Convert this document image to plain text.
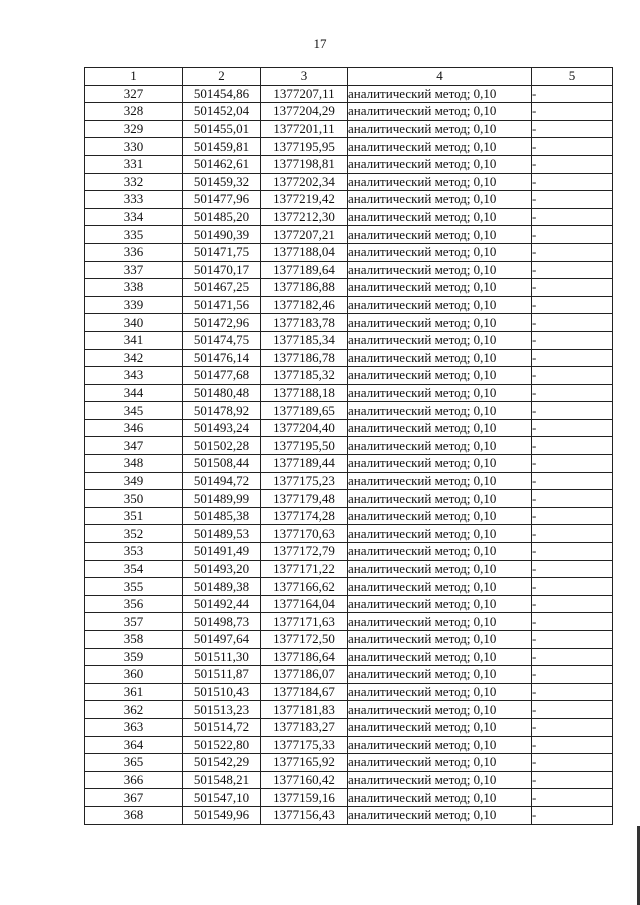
17
1	2	3	4	5
327	501454,86	1377207,11	аналитический метод; 0,10	-
328	501452,04	1377204,29	аналитический метод; 0,10	-
329	501455,01	1377201,11	аналитический метод; 0,10	-
330	501459,81	1377195,95	аналитический метод; 0,10	-
331	501462,61	1377198,81	аналитический метод; 0,10	-
332	501459,32	1377202,34	аналитический метод; 0,10	-
333	501477,96	1377219,42	аналитический метод; 0,10	-
334	501485,20	1377212,30	аналитический метод; 0,10	-
335	501490,39	1377207,21	аналитический метод; 0,10	-
336	501471,75	1377188,04	аналитический метод; 0,10	-
337	501470,17	1377189,64	аналитический метод; 0,10	-
338	501467,25	1377186,88	аналитический метод; 0,10	-
339	501471,56	1377182,46	аналитический метод; 0,10	-
340	501472,96	1377183,78	аналитический метод; 0,10	-
341	501474,75	1377185,34	аналитический метод; 0,10	-
342	501476,14	1377186,78	аналитический метод; 0,10	-
343	501477,68	1377185,32	аналитический метод; 0,10	-
344	501480,48	1377188,18	аналитический метод; 0,10	-
345	501478,92	1377189,65	аналитический метод; 0,10	-
346	501493,24	1377204,40	аналитический метод; 0,10	-
347	501502,28	1377195,50	аналитический метод; 0,10	-
348	501508,44	1377189,44	аналитический метод; 0,10	-
349	501494,72	1377175,23	аналитический метод; 0,10	-
350	501489,99	1377179,48	аналитический метод; 0,10	-
351	501485,38	1377174,28	аналитический метод; 0,10	-
352	501489,53	1377170,63	аналитический метод; 0,10	-
353	501491,49	1377172,79	аналитический метод; 0,10	-
354	501493,20	1377171,22	аналитический метод; 0,10	-
355	501489,38	1377166,62	аналитический метод; 0,10	-
356	501492,44	1377164,04	аналитический метод; 0,10	-
357	501498,73	1377171,63	аналитический метод; 0,10	-
358	501497,64	1377172,50	аналитический метод; 0,10	-
359	501511,30	1377186,64	аналитический метод; 0,10	-
360	501511,87	1377186,07	аналитический метод; 0,10	-
361	501510,43	1377184,67	аналитический метод; 0,10	-
362	501513,23	1377181,83	аналитический метод; 0,10	-
363	501514,72	1377183,27	аналитический метод; 0,10	-
364	501522,80	1377175,33	аналитический метод; 0,10	-
365	501542,29	1377165,92	аналитический метод; 0,10	-
366	501548,21	1377160,42	аналитический метод; 0,10	-
367	501547,10	1377159,16	аналитический метод; 0,10	-
368	501549,96	1377156,43	аналитический метод; 0,10	-
